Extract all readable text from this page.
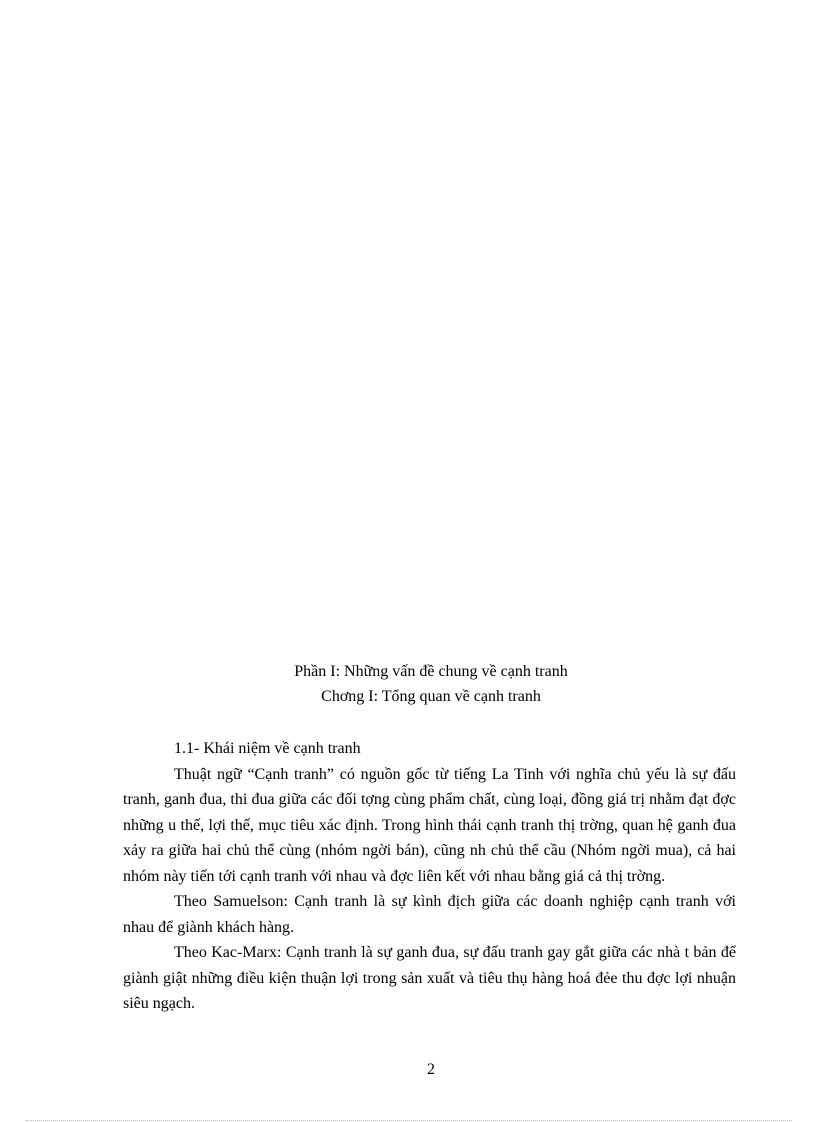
Phần I: Những vấn đề chung về cạnh tranh
Chơng I: Tổng quan về cạnh tranh

1.1- Khái niệm về cạnh tranh

Thuật ngữ “Cạnh tranh” có nguồn gốc từ tiếng La Tinh với nghĩa chủ yếu là sự đấu tranh, ganh đua, thi đua giữa các đối tợng cùng phẩm chất, cùng loại, đồng giá trị nhằm đạt đợc những u thế, lợi thế, mục tiêu xác định. Trong hình thái cạnh tranh thị trờng, quan hệ ganh đua xảy ra giữa hai chủ thể cùng (nhóm ngời bán), cũng nh chủ thể cầu (Nhóm ngời mua), cả hai nhóm này tiến tới cạnh tranh với nhau và đợc liên kết với nhau bằng giá cả thị trờng.

Theo Samuelson: Cạnh tranh là sự kình địch giữa các doanh nghiệp cạnh tranh với nhau để giành khách hàng.

Theo Kac-Marx: Cạnh tranh là sự ganh đua, sự đấu tranh gay gắt giữa các nhà t bản để giành giật những điều kiện thuận lợi trong sản xuất và tiêu thụ hàng hoá đẻe thu đợc lợi nhuận siêu ngạch.

2
